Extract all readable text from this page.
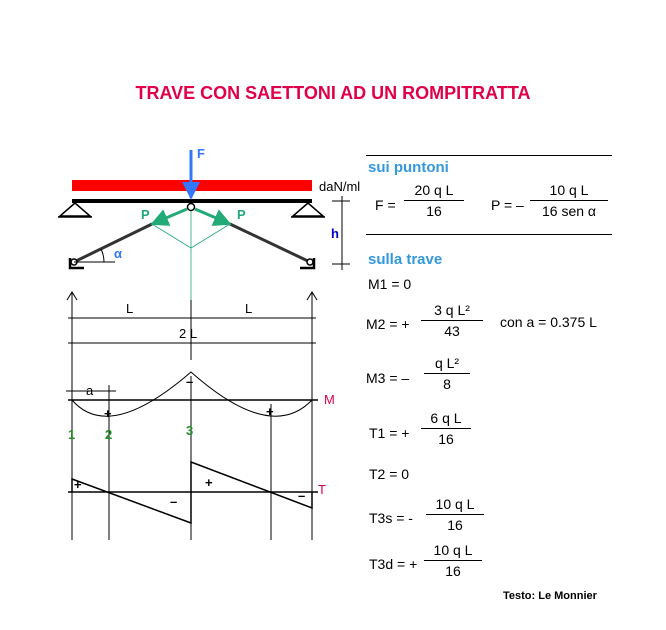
TRAVE CON SAETTONI AD UN ROMPITRATTA
F
daN/ml
P	P
α
h
L	L
2 L
M
+
–
+
a
1 2	3
T
+
–
+
–
sui puntoni
$F = \frac{\text{20 q L}}{16}$ P = –
10 q L
16 sen α
sulla trave
M1 = 0
M2 = + $\frac{\text{3 q L²}}{43}$ con a = 0.375 L
M3 = – $\frac{\text{q L²}}{8}$
T1 = + $\frac{\text{6 q L}}{16}$
T2 = 0
T3s = - $\frac{\text{10 q L}}{16}$
T3d = + $\frac{\text{10 q L}}{16}$
Testo: Le Monnier
